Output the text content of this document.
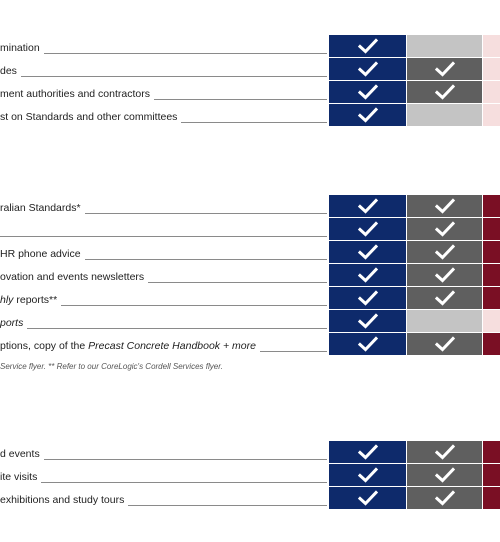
mination
des
ment authorities and contractors
st on Standards and other committees
ralian Standards*
HR phone advice
ovation and events newsletters
hly reports**
ports
ptions, copy of the Precast Concrete Handbook + more
d events
ite visits
exhibitions and study tours
Service flyer. ** Refer to our CoreLogic's Cordell Services flyer.
